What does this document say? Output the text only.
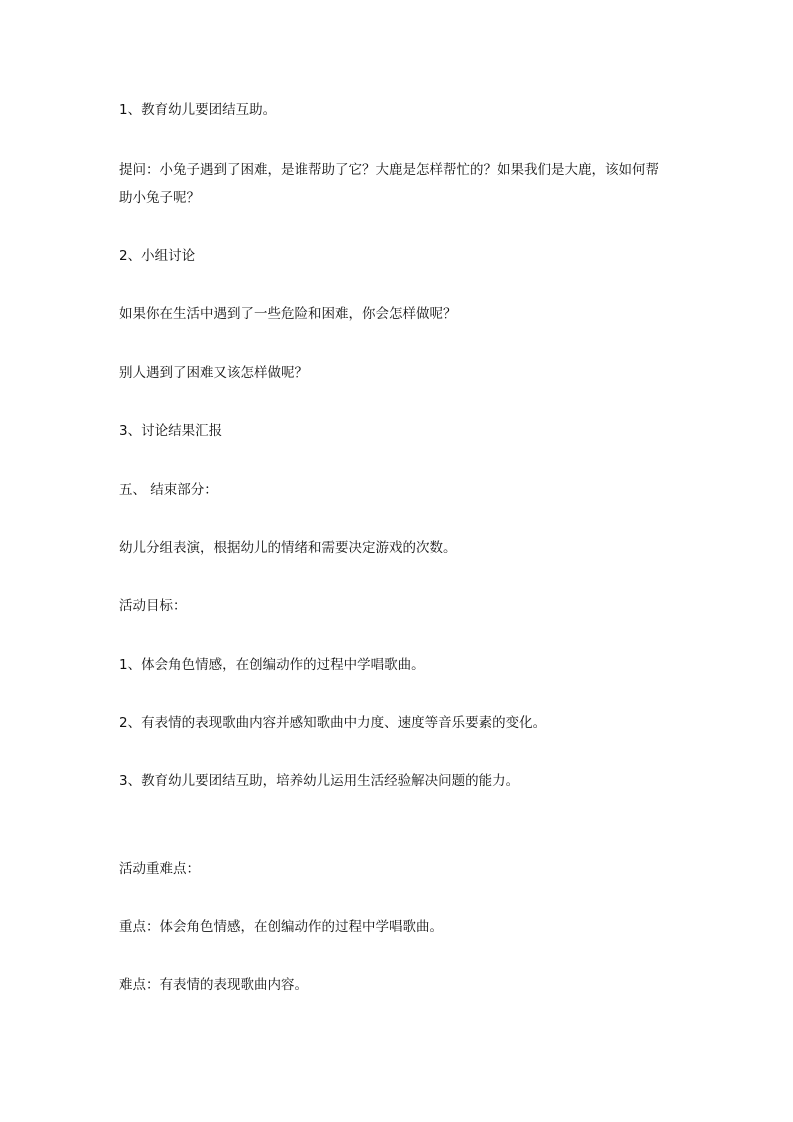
1、教育幼儿要团结互助。

提问：小兔子遇到了困难，是谁帮助了它？大鹿是怎样帮忙的？如果我们是大鹿，该如何帮
助小兔子呢？

2、小组讨论

如果你在生活中遇到了一些危险和困难，你会怎样做呢？

别人遇到了困难又该怎样做呢？

3、讨论结果汇报

五、 结束部分：

幼儿分组表演，根据幼儿的情绪和需要决定游戏的次数。

活动目标：

1、体会角色情感，在创编动作的过程中学唱歌曲。

2、有表情的表现歌曲内容并感知歌曲中力度、速度等音乐要素的变化。

3、教育幼儿要团结互助，培养幼儿运用生活经验解决问题的能力。

活动重难点：

重点：体会角色情感，在创编动作的过程中学唱歌曲。

难点：有表情的表现歌曲内容。
